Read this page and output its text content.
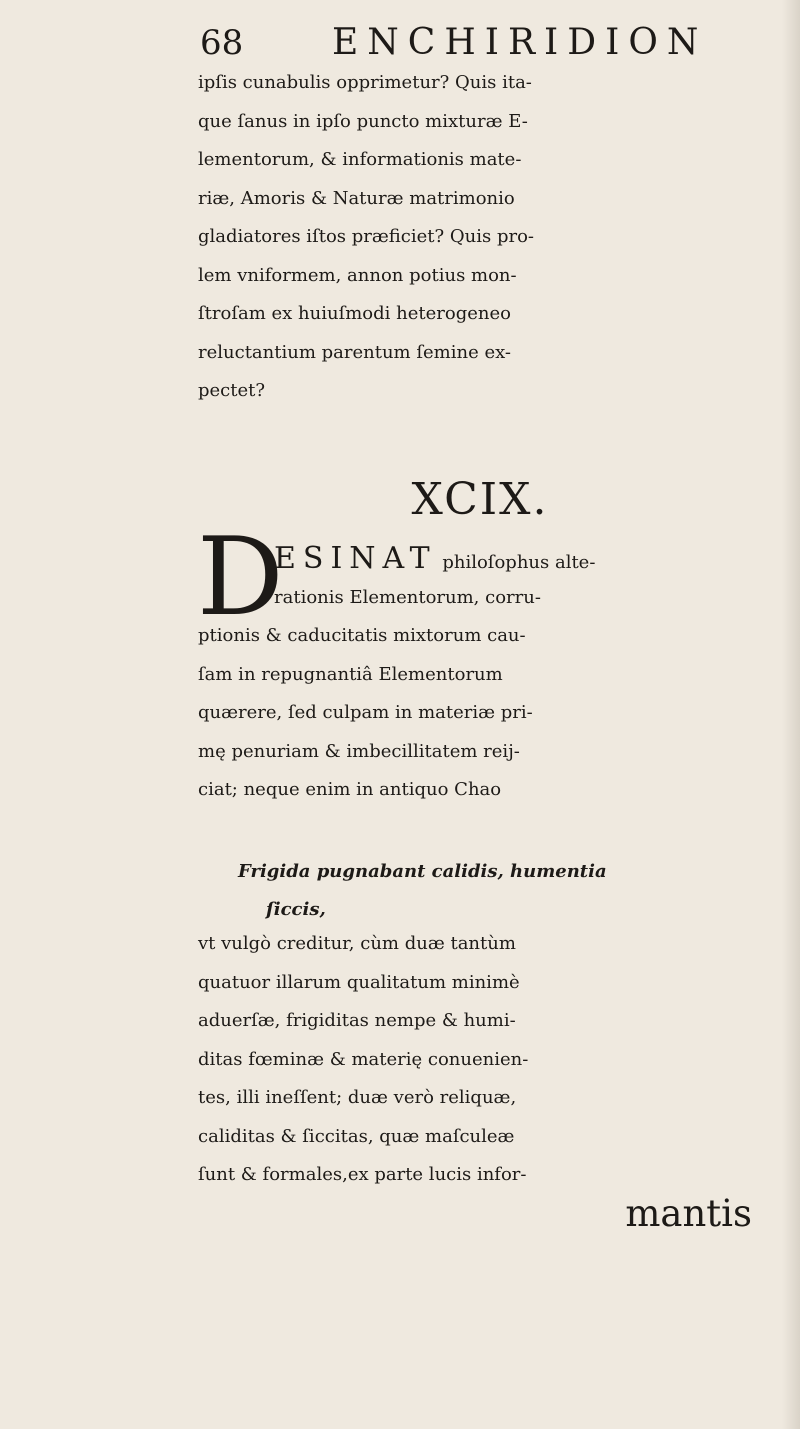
68 ENCHIRIDION
ipſis cunabulis opprimetur? Quis ita-
que ſanus in ipſo puncto mixturæ E-
lementorum, & informationis mate-
riæ, Amoris & Naturæ matrimonio
gladiatores iſtos præficiet? Quis pro-
lem vniformem, annon potius mon-
ſtroſam ex huiuſmodi heterogeneo
reluctantium parentum ſemine ex-
pectet?
XCIX.
D
ESINAT philoſophus alte-
rationis Elementorum, corru-
ptionis & caducitatis mixtorum cau-
ſam in repugnantiâ Elementorum
quærere, ſed culpam in materiæ pri-
mę penuriam & imbecillitatem reij-
ciat; neque enim in antiquo Chao
Frigida pugnabant calidis, humentia
ſiccis,
vt vulgò creditur, cùm duæ tantùm
quatuor illarum qualitatum minimè
aduerſæ, frigiditas nempe & humi-
ditas fœminæ & materię conuenien-
tes, illi ineſſent; duæ verò reliquæ,
caliditas & ſiccitas, quæ maſculeæ
ſunt & formales,ex parte lucis infor-
mantis
